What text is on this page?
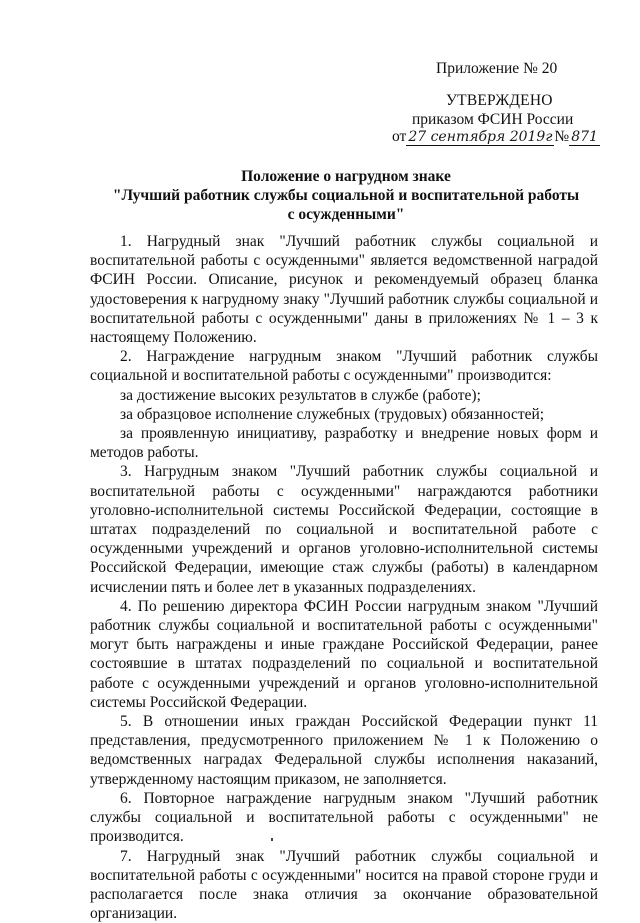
Приложение № 20
УТВЕРЖДЕНО
приказом ФСИН России
от 27 сентября 2019г № 871
Положение о нагрудном знаке
"Лучший работник службы социальной и воспитательной работы
с осужденными"

1. Нагрудный знак "Лучший работник службы социальной и воспитательной работы с осужденными" является ведомственной наградой ФСИН России. Описание, рисунок и рекомендуемый образец бланка удостоверения к нагрудному знаку "Лучший работник службы социальной и воспитательной работы с осужденными" даны в приложениях № 1 – 3 к настоящему Положению.

2. Награждение нагрудным знаком "Лучший работник службы социальной и воспитательной работы с осужденными" производится:

за достижение высоких результатов в службе (работе);

за образцовое исполнение служебных (трудовых) обязанностей;

за проявленную инициативу, разработку и внедрение новых форм и методов работы.

3. Нагрудным знаком "Лучший работник службы социальной и воспитательной работы с осужденными" награждаются работники уголовно-исполнительной системы Российской Федерации, состоящие в штатах подразделений по социальной и воспитательной работе с осужденными учреждений и органов уголовно-исполнительной системы Российской Федерации, имеющие стаж службы (работы) в календарном исчислении пять и более лет в указанных подразделениях.

4. По решению директора ФСИН России нагрудным знаком "Лучший работник службы социальной и воспитательной работы с осужденными" могут быть награждены и иные граждане Российской Федерации, ранее состоявшие в штатах подразделений по социальной и воспитательной работе с осужденными учреждений и органов уголовно-исполнительной системы Российской Федерации.

5. В отношении иных граждан Российской Федерации пункт 11 представления, предусмотренного приложением № 1 к Положению о ведомственных наградах Федеральной службы исполнения наказаний, утвержденному настоящим приказом, не заполняется.

6. Повторное награждение нагрудным знаком "Лучший работник службы социальной и воспитательной работы с осужденными" не производится.

7. Нагрудный знак "Лучший работник службы социальной и воспитательной работы с осужденными" носится на правой стороне груди и располагается после знака отличия за окончание образовательной организации.
